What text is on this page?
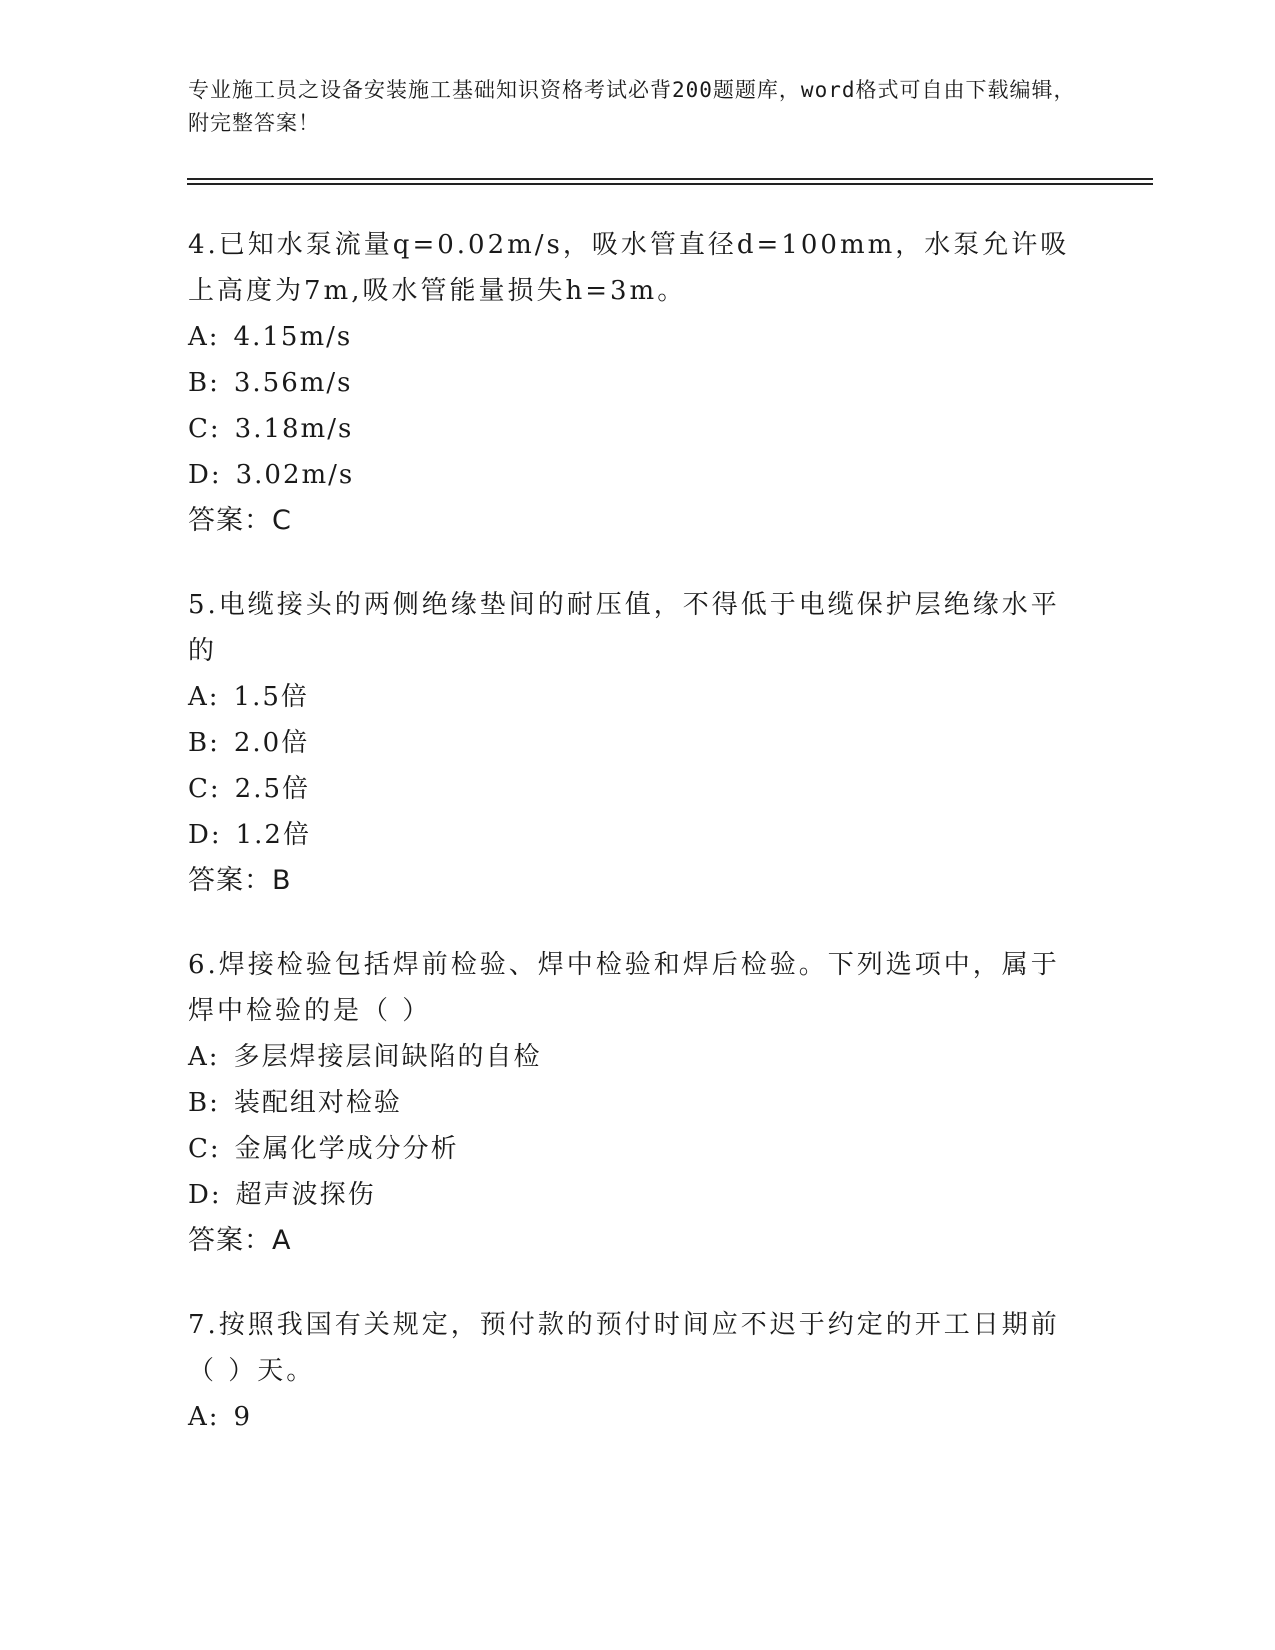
专业施工员之设备安装施工基础知识资格考试必背200题题库，word格式可自由下载编辑，附完整答案！
4.已知水泵流量q=0.02m/s，吸水管直径d=100mm，水泵允许吸上高度为7m,吸水管能量损失h=3m。
A: 4.15m/s
B: 3.56m/s
C: 3.18m/s
D: 3.02m/s
答案：C
5.电缆接头的两侧绝缘垫间的耐压值，不得低于电缆保护层绝缘水平的
A: 1.5倍
B: 2.0倍
C: 2.5倍
D: 1.2倍
答案：B
6.焊接检验包括焊前检验、焊中检验和焊后检验。下列选项中，属于焊中检验的是（ ）
A: 多层焊接层间缺陷的自检
B: 装配组对检验
C: 金属化学成分分析
D: 超声波探伤
答案：A
7.按照我国有关规定，预付款的预付时间应不迟于约定的开工日期前（ ）天。
A: 9
